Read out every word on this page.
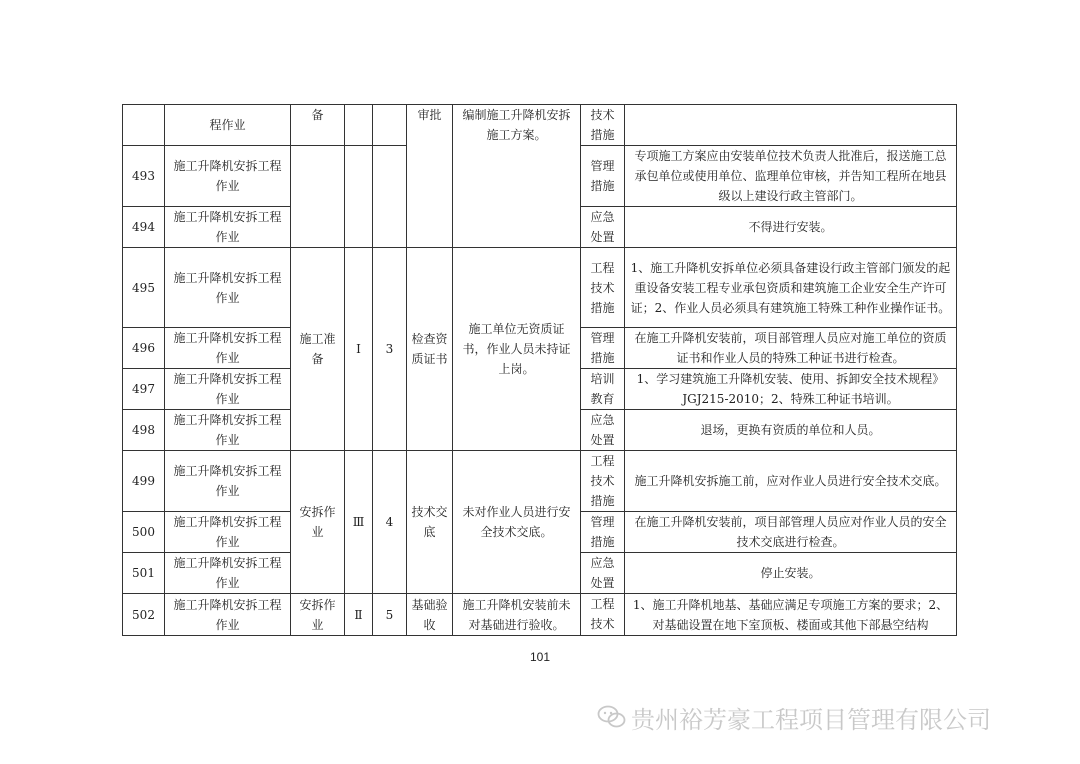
	程作业	备			审批	编制施工升降机安拆施工方案。	技术措施	
493	施工升降机安拆工程作业						管理措施	专项施工方案应由安装单位技术负责人批准后，报送施工总承包单位或使用单位、监理单位审核，并告知工程所在地县级以上建设行政主管部门。
494	施工升降机安拆工程作业						应急处置	不得进行安装。
495	施工升降机安拆工程作业	施工准备	Ⅰ	3	检查资质证书	施工单位无资质证书，作业人员未持证上岗。	工程技术措施	1、施工升降机安拆单位必须具备建设行政主管部门颁发的起重设备安装工程专业承包资质和建筑施工企业安全生产许可证；2、作业人员必须具有建筑施工特殊工种作业操作证书。
496	施工升降机安拆工程作业						管理措施	在施工升降机安装前，项目部管理人员应对施工单位的资质证书和作业人员的特殊工种证书进行检查。
497	施工升降机安拆工程作业						培训教育	1、学习建筑施工升降机安装、使用、拆卸安全技术规程》JGJ215-2010；2、特殊工种证书培训。
498	施工升降机安拆工程作业						应急处置	退场，更换有资质的单位和人员。
499	施工升降机安拆工程作业	安拆作业	Ⅲ	4	技术交底	未对作业人员进行安全技术交底。	工程技术措施	施工升降机安拆施工前，应对作业人员进行安全技术交底。
500	施工升降机安拆工程作业						管理措施	在施工升降机安装前，项目部管理人员应对作业人员的安全技术交底进行检查。
501	施工升降机安拆工程作业						应急处置	停止安装。
502	施工升降机安拆工程作业	安拆作业	Ⅱ	5	基础验收	施工升降机安装前未对基础进行验收。	工程技术	1、施工升降机地基、基础应满足专项施工方案的要求；2、对基础设置在地下室顶板、楼面或其他下部悬空结构
101
贵州裕芳豪工程项目管理有限公司
